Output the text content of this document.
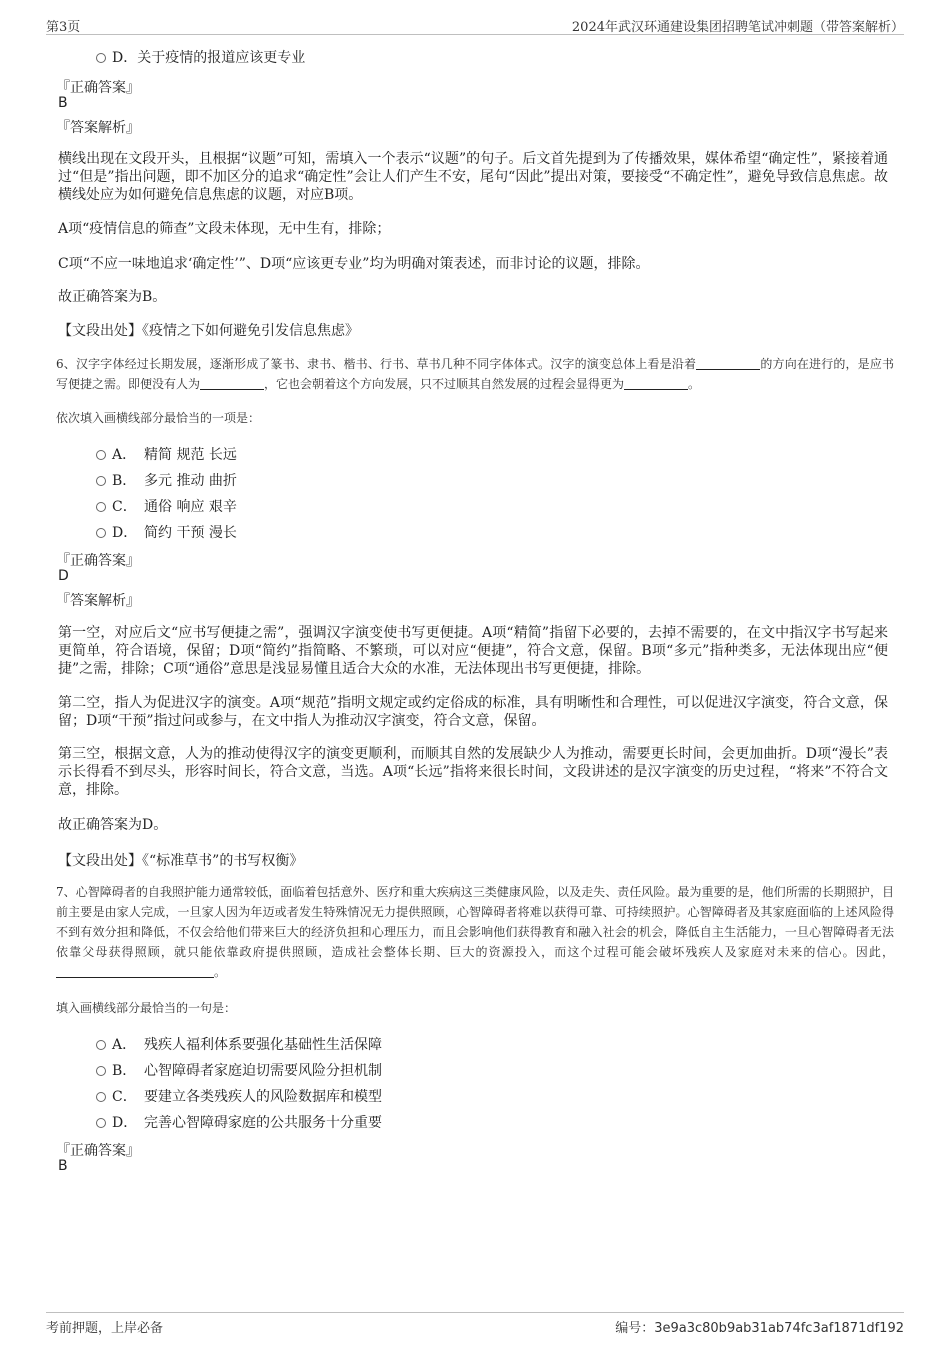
第3页	2024年武汉环通建设集团招聘笔试冲刺题（带答案解析）
D．关于疫情的报道应该更专业
『正确答案』
B
『答案解析』

横线出现在文段开头，且根据“议题”可知，需填入一个表示“议题”的句子。后文首先提到为了传播效果，媒体希望“确定性”，紧接着通过“但是”指出问题，即不加区分的追求“确定性”会让人们产生不安，尾句“因此”提出对策，要接受“不确定性”，避免导致信息焦虑。故横线处应为如何避免信息焦虑的议题，对应B项。

A项“疫情信息的筛查”文段未体现，无中生有，排除；

C项“不应一味地追求‘确定性’”、D项“应该更专业”均为明确对策表述，而非讨论的议题，排除。

故正确答案为B。

【文段出处】《疫情之下如何避免引发信息焦虑》

6、汉字字体经过长期发展，逐渐形成了篆书、隶书、楷书、行书、草书几种不同字体体式。汉字的演变总体上看是沿着	的方向在进行的，是应书写便捷之需。即便没有人为	，它也会朝着这个方向发展，只不过顺其自然发展的过程会显得更为	。

依次填入画横线部分最恰当的一项是：
A． 精简 规范 长远
B． 多元 推动 曲折
C． 通俗 响应 艰辛
D． 简约 干预 漫长
『正确答案』
D
『答案解析』

第一空，对应后文“应书写便捷之需”，强调汉字演变使书写更便捷。A项“精简”指留下必要的，去掉不需要的，在文中指汉字书写起来更简单，符合语境，保留；D项“简约”指简略、不繁琐，可以对应“便捷”，符合文意，保留。B项“多元”指种类多，无法体现出应“便捷”之需，排除；C项“通俗”意思是浅显易懂且适合大众的水准，无法体现出书写更便捷，排除。

第二空，指人为促进汉字的演变。A项“规范”指明文规定或约定俗成的标准，具有明晰性和合理性，可以促进汉字演变，符合文意，保留；D项“干预”指过问或参与，在文中指人为推动汉字演变，符合文意，保留。

第三空，根据文意，人为的推动使得汉字的演变更顺利，而顺其自然的发展缺少人为推动，需要更长时间，会更加曲折。D项“漫长”表示长得看不到尽头，形容时间长，符合文意，当选。A项“长远”指将来很长时间，文段讲述的是汉字演变的历史过程，“将来”不符合文意，排除。

故正确答案为D。

【文段出处】《“标准草书”的书写权衡》

7、心智障碍者的自我照护能力通常较低，面临着包括意外、医疗和重大疾病这三类健康风险，以及走失、责任风险。最为重要的是，他们所需的长期照护，目前主要是由家人完成，一旦家人因为年迈或者发生特殊情况无力提供照顾，心智障碍者将难以获得可靠、可持续照护。心智障碍者及其家庭面临的上述风险得不到有效分担和降低，不仅会给他们带来巨大的经济负担和心理压力，而且会影响他们获得教育和融入社会的机会，降低自主生活能力，一旦心智障碍者无法依靠父母获得照顾，就只能依靠政府提供照顾，造成社会整体长期、巨大的资源投入，而这个过程可能会破坏残疾人及家庭对未来的信心。因此，。

填入画横线部分最恰当的一句是：
A． 残疾人福利体系要强化基础性生活保障
B． 心智障碍者家庭迫切需要风险分担机制
C． 要建立各类残疾人的风险数据库和模型
D． 完善心智障碍家庭的公共服务十分重要
『正确答案』
B
考前押题，上岸必备	编号：3e9a3c80b9ab31ab74fc3af1871df192
